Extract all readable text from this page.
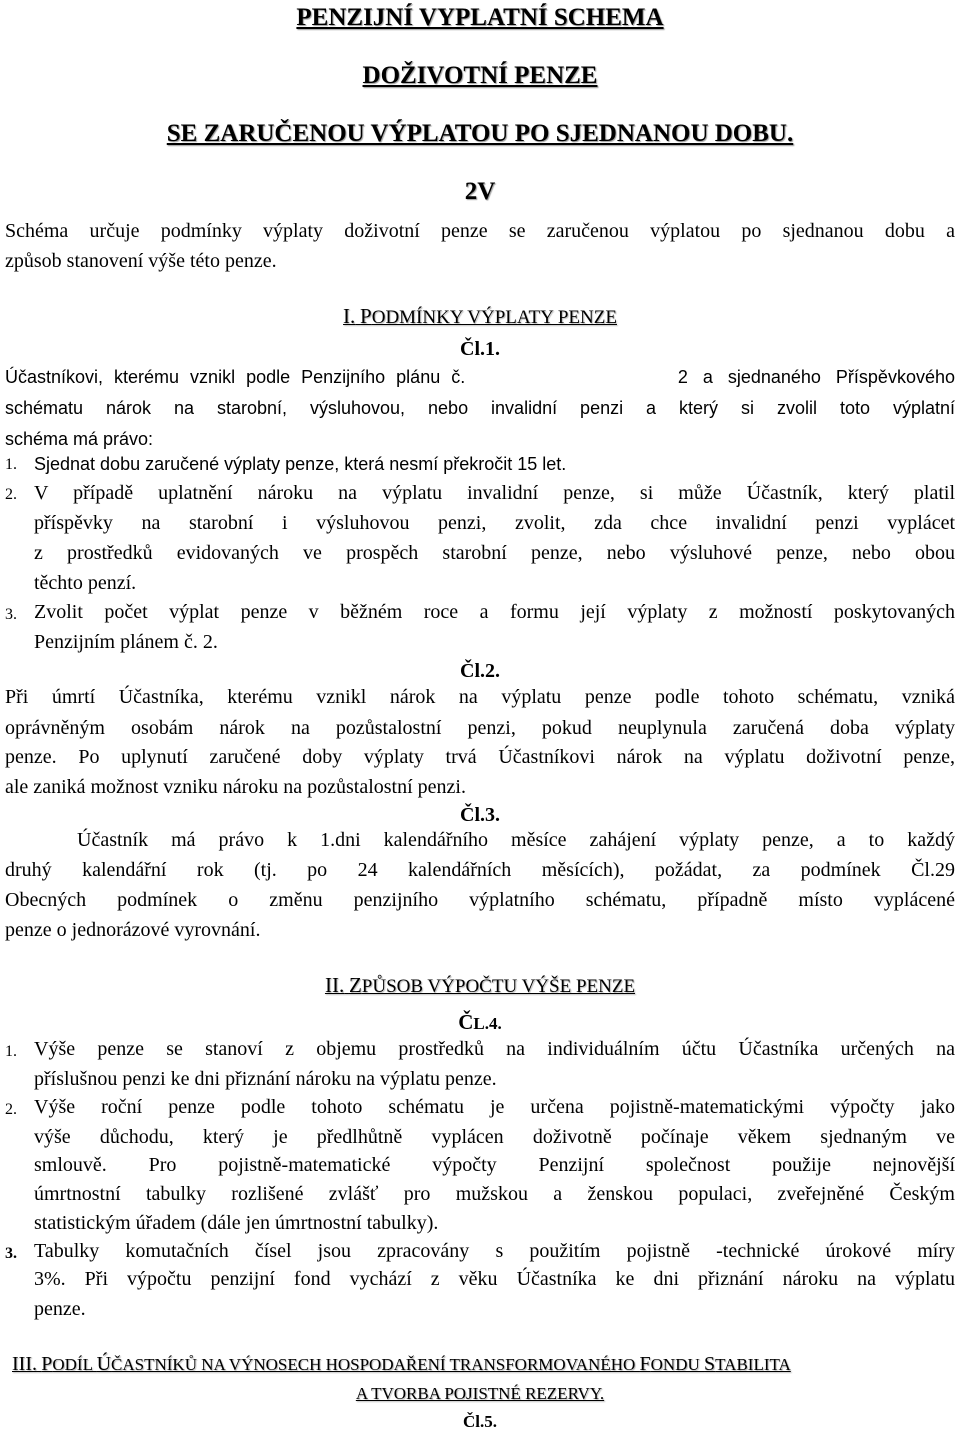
PENZIJNÍ VYPLATNÍ SCHEMA
DOŽIVOTNÍ PENZE
SE ZARUČENOU VÝPLATOU PO SJEDNANOU DOBU.
2V
Schéma určuje podmínky výplaty doživotní penze se zaručenou výplatou po sjednanou dobu a
způsob stanovení výše této penze.
I. PODMÍNKY VÝPLATY PENZE
Čl.1.
Účastníkovi, kterému vznikl podle Penzijního plánu č.	2 a sjednaného Příspěvkového
schématu nárok na starobní, výsluhovou, nebo invalidní penzi a který si zvolil toto výplatní
schéma má právo:
1. Sjednat dobu zaručené výplaty penze, která nesmí překročit 15 let.
2. V případě uplatnění nároku na výplatu invalidní penze, si může Účastník, který platil
příspěvky na starobní i výsluhovou penzi, zvolit, zda chce invalidní penzi vyplácet
z prostředků evidovaných ve prospěch starobní penze, nebo výsluhové penze, nebo obou
těchto penzí.
3. Zvolit počet výplat penze v běžném roce a formu její výplaty z možností poskytovaných
Penzijním plánem č. 2.
Čl.2.
Při úmrtí Účastníka, kterému vznikl nárok na výplatu penze podle tohoto schématu, vzniká
oprávněným osobám nárok na pozůstalostní penzi, pokud neuplynula zaručená doba výplaty
penze. Po uplynutí zaručené doby výplaty trvá Účastníkovi nárok na výplatu doživotní penze,
ale zaniká možnost vzniku nároku na pozůstalostní penzi.
Čl.3.
Účastník má právo k 1.dni kalendářního měsíce zahájení výplaty penze, a to každý
druhý kalendářní rok (tj. po 24 kalendářních měsících), požádat, za podmínek Čl.29
Obecných podmínek o změnu penzijního výplatního schématu, případně místo vyplácené
penze o jednorázové vyrovnání.
II. ZPŮSOB VÝPOČTU VÝŠE PENZE
ČL.4.
1. Výše penze se stanoví z objemu prostředků na individuálním účtu Účastníka určených na
příslušnou penzi ke dni přiznání nároku na výplatu penze.
2. Výše roční penze podle tohoto schématu je určena pojistně-matematickými výpočty jako
výše důchodu, který je předlhůtně vyplácen doživotně počínaje věkem sjednaným ve
smlouvě. Pro pojistně-matematické výpočty Penzijní společnost použije nejnovější
úmrtnostní tabulky rozlišené zvlášť pro mužskou a ženskou populaci, zveřejněné Českým
statistickým úřadem (dále jen úmrtnostní tabulky).
3. Tabulky komutačních čísel jsou zpracovány s použitím pojistně -technické úrokové míry
3%. Při výpočtu penzijní fond vychází z věku Účastníka ke dni přiznání nároku na výplatu
penze.
III. PODÍL ÚČASTNÍKŮ NA VÝNOSECH HOSPODAŘENÍ TRANSFORMOVANÉHO FONDU STABILITA
A TVORBA POJISTNÉ REZERVY.
Čl.5.
